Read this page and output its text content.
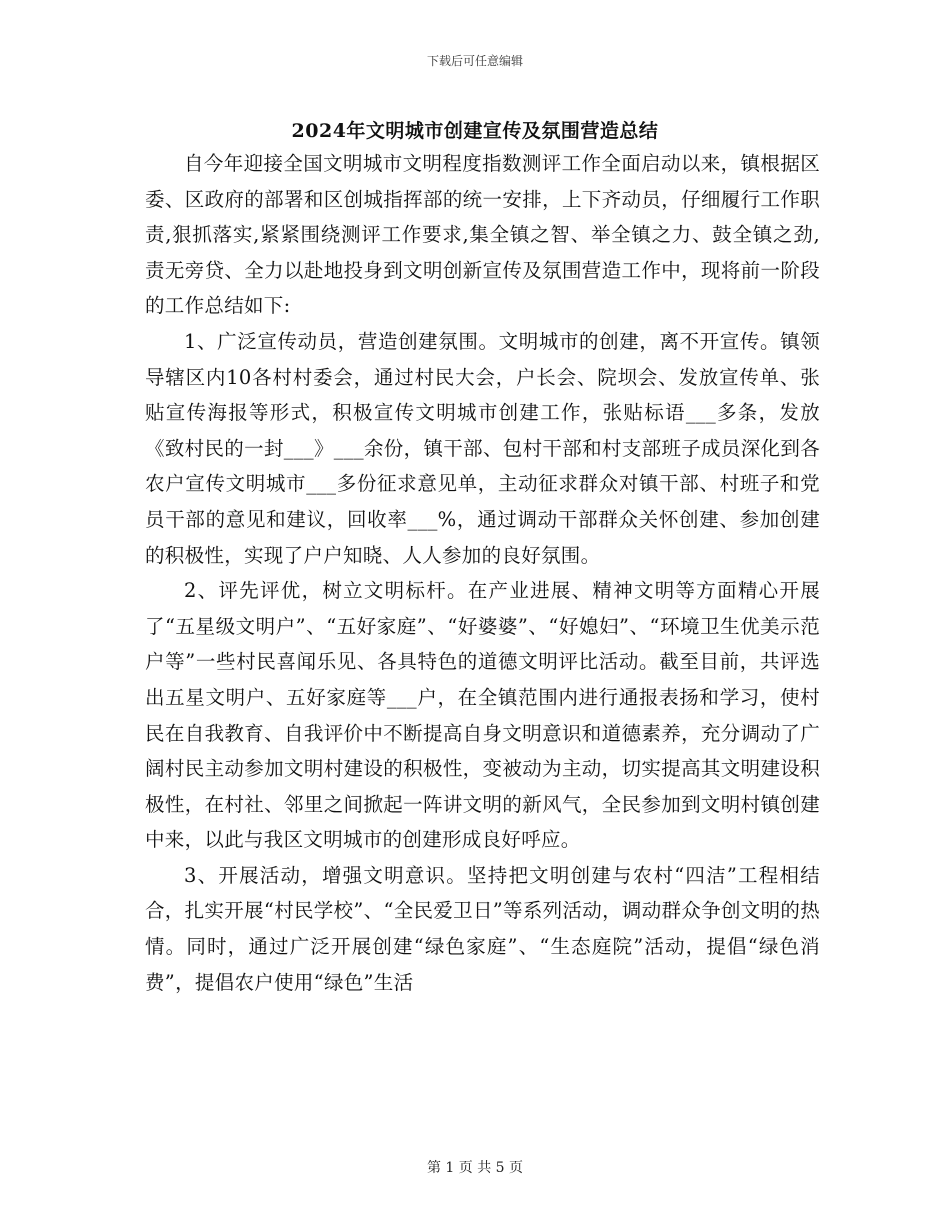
下载后可任意编辑
2024年文明城市创建宣传及氛围营造总结

自今年迎接全国文明城市文明程度指数测评工作全面启动以来，镇根据区委、区政府的部署和区创城指挥部的统一安排，上下齐动员，仔细履行工作职责,狠抓落实,紧紧围绕测评工作要求,集全镇之智、举全镇之力、鼓全镇之劲,责无旁贷、全力以赴地投身到文明创新宣传及氛围营造工作中，现将前一阶段的工作总结如下:

1、广泛宣传动员，营造创建氛围。文明城市的创建，离不开宣传。镇领导辖区内10各村村委会，通过村民大会，户长会、院坝会、发放宣传单、张贴宣传海报等形式，积极宣传文明城市创建工作，张贴标语___多条，发放《致村民的一封___》___余份，镇干部、包村干部和村支部班子成员深化到各农户宣传文明城市___多份征求意见单，主动征求群众对镇干部、村班子和党员干部的意见和建议，回收率___%，通过调动干部群众关怀创建、参加创建的积极性，实现了户户知晓、人人参加的良好氛围。

2、评先评优，树立文明标杆。在产业进展、精神文明等方面精心开展了“五星级文明户”、“五好家庭”、“好婆婆”、“好媳妇”、“环境卫生优美示范户等”一些村民喜闻乐见、各具特色的道德文明评比活动。截至目前，共评选出五星文明户、五好家庭等___户，在全镇范围内进行通报表扬和学习，使村民在自我教育、自我评价中不断提高自身文明意识和道德素养，充分调动了广阔村民主动参加文明村建设的积极性，变被动为主动，切实提高其文明建设积极性，在村社、邻里之间掀起一阵讲文明的新风气，全民参加到文明村镇创建中来，以此与我区文明城市的创建形成良好呼应。

3、开展活动，增强文明意识。坚持把文明创建与农村“四洁”工程相结合，扎实开展“村民学校”、“全民爱卫日”等系列活动，调动群众争创文明的热情。同时，通过广泛开展创建“绿色家庭”、“生态庭院”活动，提倡“绿色消费”，提倡农户使用“绿色”生活

第 1 页 共 5 页
